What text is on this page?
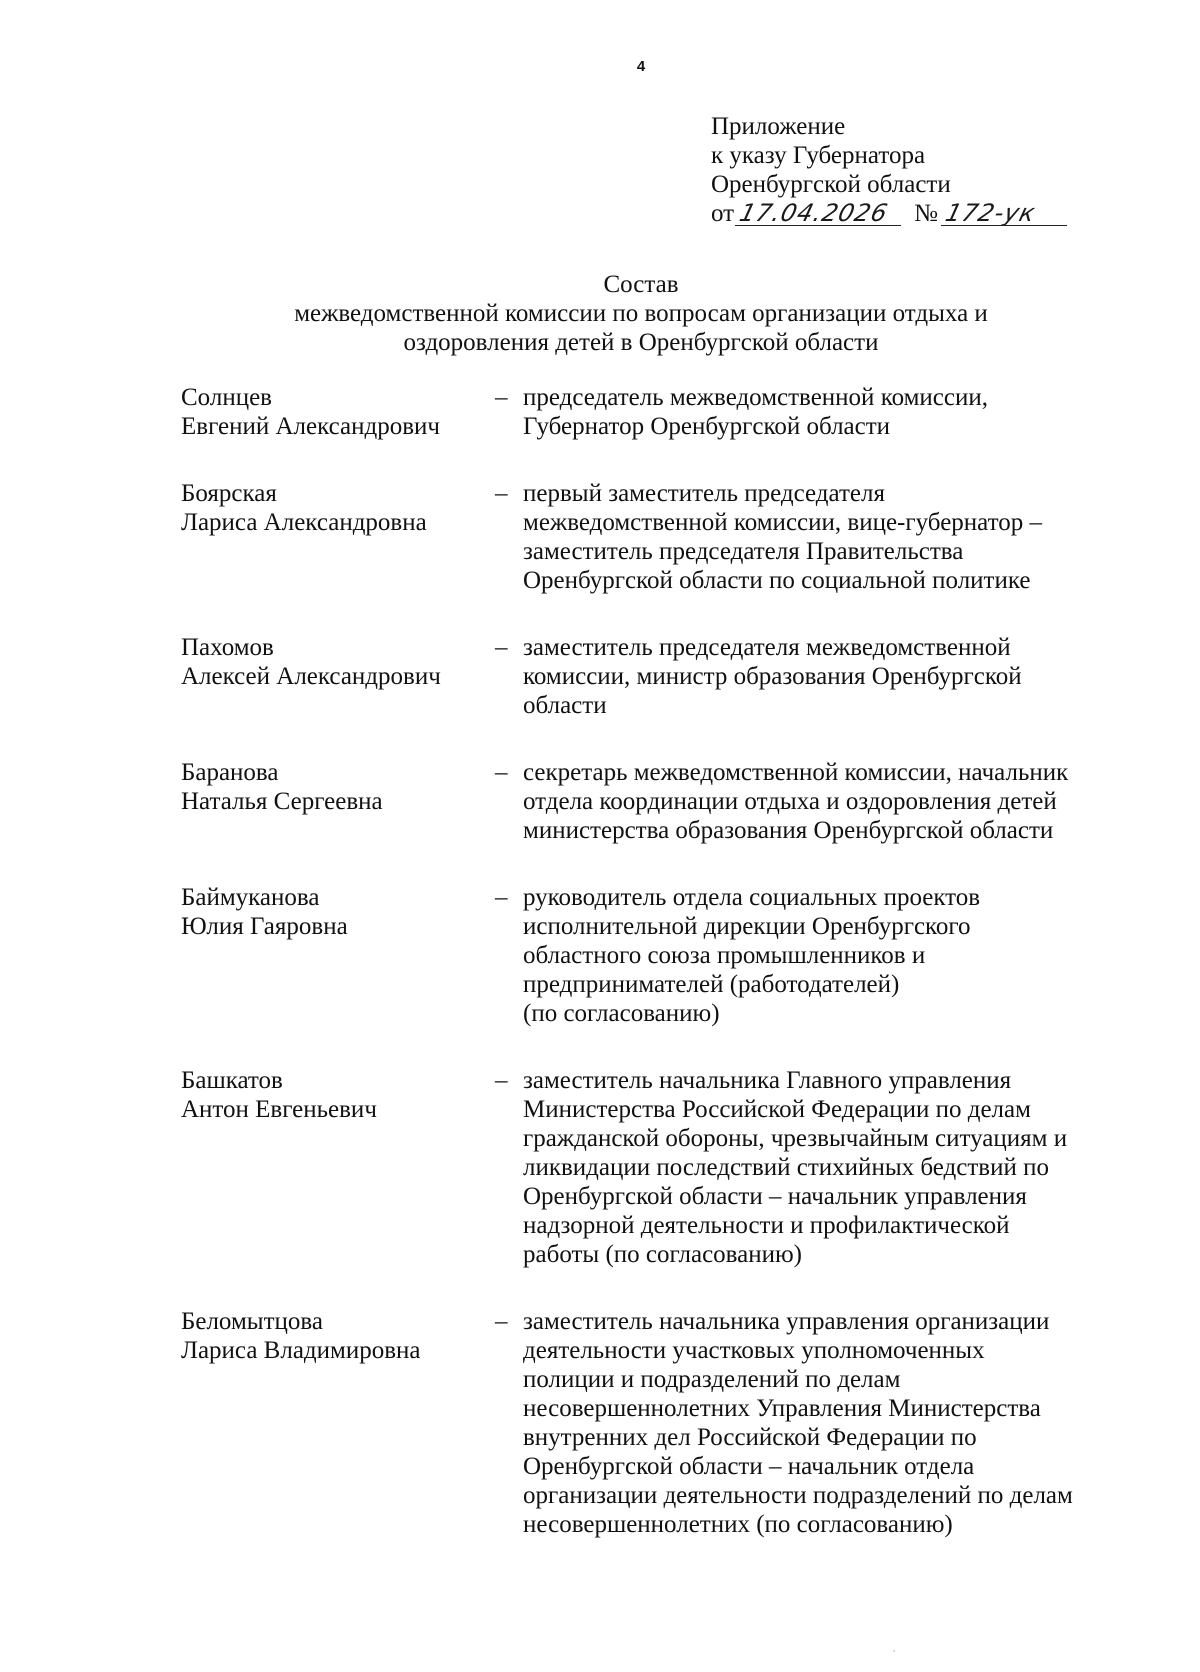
4
Приложение
к указу Губернатора
Оренбургской области
от 17.04.2026 № 172-ук
Состав
межведомственной комиссии по вопросам организации отдыха и
оздоровления детей в Оренбургской области
Солнцев
Евгений Александрович
– председатель межведомственной комиссии,
Губернатор Оренбургской области
Боярская
Лариса Александровна
– первый заместитель председателя
межведомственной комиссии, вице-губернатор –
заместитель председателя Правительства
Оренбургской области по социальной политике
Пахомов
Алексей Александрович
– заместитель председателя межведомственной
комиссии, министр образования Оренбургской
области
Баранова
Наталья Сергеевна
– секретарь межведомственной комиссии, начальник
отдела координации отдыха и оздоровления детей
министерства образования Оренбургской области
Баймуканова
Юлия Гаяровна
– руководитель отдела социальных проектов
исполнительной дирекции Оренбургского
областного союза промышленников и
предпринимателей (работодателей)
(по согласованию)
Башкатов
Антон Евгеньевич
– заместитель начальника Главного управления
Министерства Российской Федерации по делам
гражданской обороны, чрезвычайным ситуациям и
ликвидации последствий стихийных бедствий по
Оренбургской области – начальник управления
надзорной деятельности и профилактической
работы (по согласованию)
Беломытцова
Лариса Владимировна
– заместитель начальника управления организации
деятельности участковых уполномоченных
полиции и подразделений по делам
несовершеннолетних Управления Министерства
внутренних дел Российской Федерации по
Оренбургской области – начальник отдела
организации деятельности подразделений по делам
несовершеннолетних (по согласованию)
